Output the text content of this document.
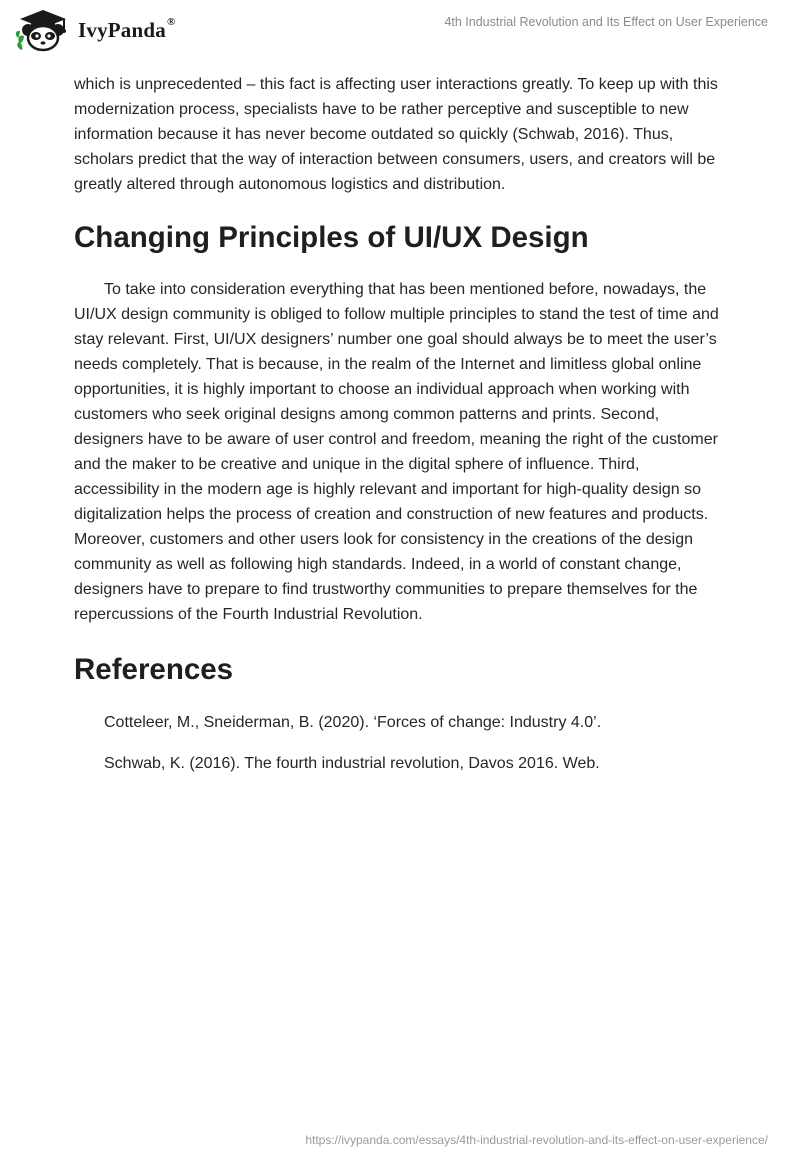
IvyPanda®	4th Industrial Revolution and Its Effect on User Experience

which is unprecedented – this fact is affecting user interactions greatly. To keep up with this modernization process, specialists have to be rather perceptive and susceptible to new information because it has never become outdated so quickly (Schwab, 2016). Thus, scholars predict that the way of interaction between consumers, users, and creators will be greatly altered through autonomous logistics and distribution.

Changing Principles of UI/UX Design

To take into consideration everything that has been mentioned before, nowadays, the UI/UX design community is obliged to follow multiple principles to stand the test of time and stay relevant. First, UI/UX designers’ number one goal should always be to meet the user’s needs completely. That is because, in the realm of the Internet and limitless global online opportunities, it is highly important to choose an individual approach when working with customers who seek original designs among common patterns and prints. Second, designers have to be aware of user control and freedom, meaning the right of the customer and the maker to be creative and unique in the digital sphere of influence. Third, accessibility in the modern age is highly relevant and important for high-quality design so digitalization helps the process of creation and construction of new features and products. Moreover, customers and other users look for consistency in the creations of the design community as well as following high standards. Indeed, in a world of constant change, designers have to prepare to find trustworthy communities to prepare themselves for the repercussions of the Fourth Industrial Revolution.

References
Cotteleer, M., Sneiderman, B. (2020). ‘Forces of change: Industry 4.0’.
Schwab, K. (2016). The fourth industrial revolution, Davos 2016. Web.
https://ivypanda.com/essays/4th-industrial-revolution-and-its-effect-on-user-experience/
